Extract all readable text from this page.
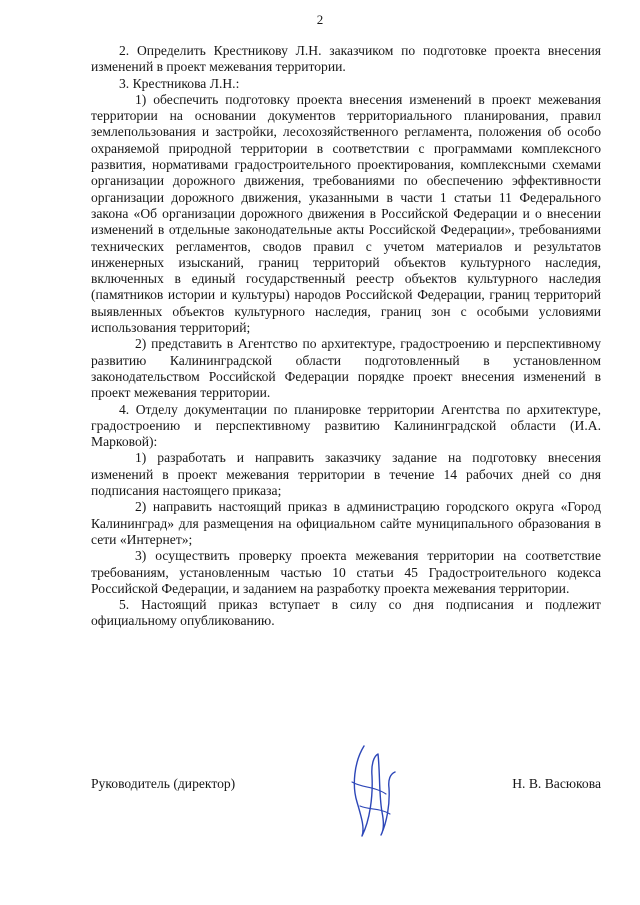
2

2. Определить Крестникову Л.Н. заказчиком по подготовке проекта внесения изменений в проект межевания территории.

3. Крестникова Л.Н.:

1) обеспечить подготовку проекта внесения изменений в проект межевания территории на основании документов территориального планирования, правил землепользования и застройки, лесохозяйственного регламента, положения об особо охраняемой природной территории в соответствии с программами комплексного развития, нормативами градостроительного проектирования, комплексными схемами организации дорожного движения, требованиями по обеспечению эффективности организации дорожного движения, указанными в части 1 статьи 11 Федерального закона «Об организации дорожного движения в Российской Федерации и о внесении изменений в отдельные законодательные акты Российской Федерации», требованиями технических регламентов, сводов правил с учетом материалов и результатов инженерных изысканий, границ территорий объектов культурного наследия, включенных в единый государственный реестр объектов культурного наследия (памятников истории и культуры) народов Российской Федерации, границ территорий выявленных объектов культурного наследия, границ зон с особыми условиями использования территорий;

2) представить в Агентство по архитектуре, градостроению и перспективному развитию Калининградской области подготовленный в установленном законодательством Российской Федерации порядке проект внесения изменений в проект межевания территории.

4. Отделу документации по планировке территории Агентства по архитектуре, градостроению и перспективному развитию Калининградской области (И.А. Марковой):

1) разработать и направить заказчику задание на подготовку внесения изменений в проект межевания территории в течение 14 рабочих дней со дня подписания настоящего приказа;

2) направить настоящий приказ в администрацию городского округа «Город Калининград» для размещения на официальном сайте муниципального образования в сети «Интернет»;

3) осуществить проверку проекта межевания территории на соответствие требованиям, установленным частью 10 статьи 45 Градостроительного кодекса Российской Федерации, и заданием на разработку проекта межевания территории.

5. Настоящий приказ вступает в силу со дня подписания и подлежит официальному опубликованию.

Руководитель (директор)	Н. В. Васюкова
